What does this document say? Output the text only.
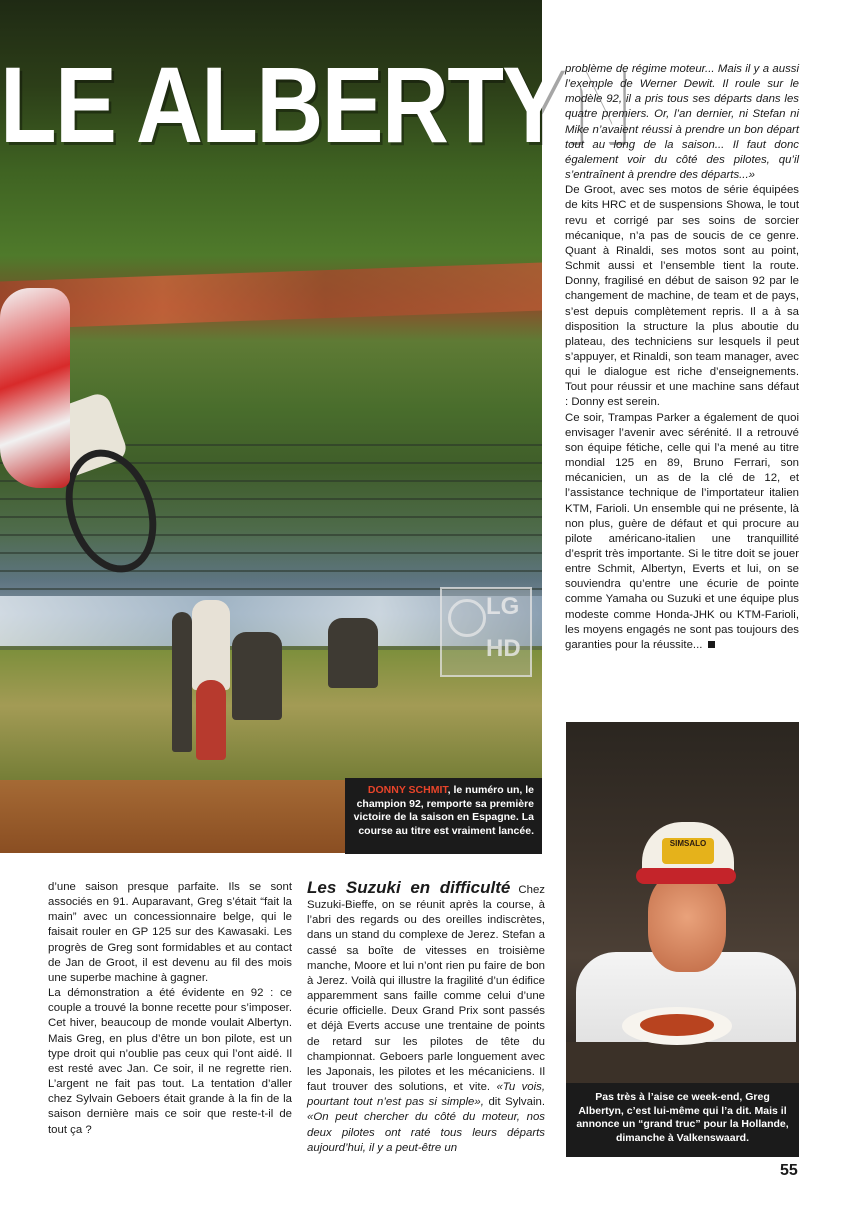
LE ALBERTYN
LG
HD
DONNY SCHMIT, le numéro un, le champion 92, remporte sa première victoire de la saison en Espagne. La course au titre est vraiment lancée.

problème de régime moteur... Mais il y a aussi l’exemple de Werner Dewit. Il roule sur le modèle 92, il a pris tous ses départs dans les quatre premiers. Or, l’an dernier, ni Stefan ni Mike n’avaient réussi à prendre un bon départ tout au long de la saison... Il faut donc également voir du côté des pilotes, qu’il s’entraînent à prendre des départs...»

De Groot, avec ses motos de série équipées de kits HRC et de suspensions Showa, le tout revu et corrigé par ses soins de sorcier mécanique, n’a pas de soucis de ce genre. Quant à Rinaldi, ses motos sont au point, Schmit aussi et l’ensemble tient la route. Donny, fragilisé en début de saison 92 par le changement de machine, de team et de pays, s’est depuis complètement repris. Il a à sa disposition la structure la plus aboutie du plateau, des techniciens sur lesquels il peut s’appuyer, et Rinaldi, son team manager, avec qui le dialogue est riche d’enseignements. Tout pour réussir et une machine sans défaut : Donny est serein.

Ce soir, Trampas Parker a également de quoi envisager l’avenir avec sérénité. Il a retrouvé son équipe fétiche, celle qui l’a mené au titre mondial 125 en 89, Bruno Ferrari, son mécanicien, un as de la clé de 12, et l’assistance technique de l’importateur italien KTM, Farioli. Un ensemble qui ne présente, là non plus, guère de défaut et qui procure au pilote américano-italien une tranquillité d’esprit très importante. Si le titre doit se jouer entre Schmit, Albertyn, Everts et lui, on se souviendra qu’entre une écurie de pointe comme Yamaha ou Suzuki et une équipe plus modeste comme Honda-JHK ou KTM-Farioli, les moyens engagés ne sont pas toujours des garanties pour la réussite...

SIMSALO
Pas très à l’aise ce week-end, Greg Albertyn, c’est lui-même qui l’a dit. Mais il annonce un “grand truc” pour la Hollande, dimanche à Valkenswaard.

d’une saison presque parfaite. Ils se sont associés en 91. Auparavant, Greg s’était “fait la main” avec un concessionnaire belge, qui le faisait rouler en GP 125 sur des Kawasaki. Les progrès de Greg sont formidables et au contact de Jan de Groot, il est devenu au fil des mois une superbe machine à gagner.

La démonstration a été évidente en 92 : ce couple a trouvé la bonne recette pour s’imposer. Cet hiver, beaucoup de monde voulait Albertyn. Mais Greg, en plus d’être un bon pilote, est un type droit qui n’oublie pas ceux qui l’ont aidé. Il est resté avec Jan. Ce soir, il ne regrette rien. L’argent ne fait pas tout. La tentation d’aller chez Sylvain Geboers était grande à la fin de la saison dernière mais ce soir que reste-t-il de tout ça ?

Les Suzuki en difficulté Chez Suzuki-Bieffe, on se réunit après la course, à l’abri des regards ou des oreilles indiscrètes, dans un stand du complexe de Jerez. Stefan a cassé sa boîte de vitesses en troisième manche, Moore et lui n’ont rien pu faire de bon à Jerez. Voilà qui illustre la fragilité d’un édifice apparemment sans faille comme celui d’une écurie officielle. Deux Grand Prix sont passés et déjà Everts accuse une trentaine de points de retard sur les pilotes de tête du championnat. Geboers parle longuement avec les Japonais, les pilotes et les mécaniciens. Il faut trouver des solutions, et vite. «Tu vois, pourtant tout n’est pas si simple», dit Sylvain. «On peut chercher du côté du moteur, nos deux pilotes ont raté tous leurs départs aujourd’hui, il y a peut-être un

55
